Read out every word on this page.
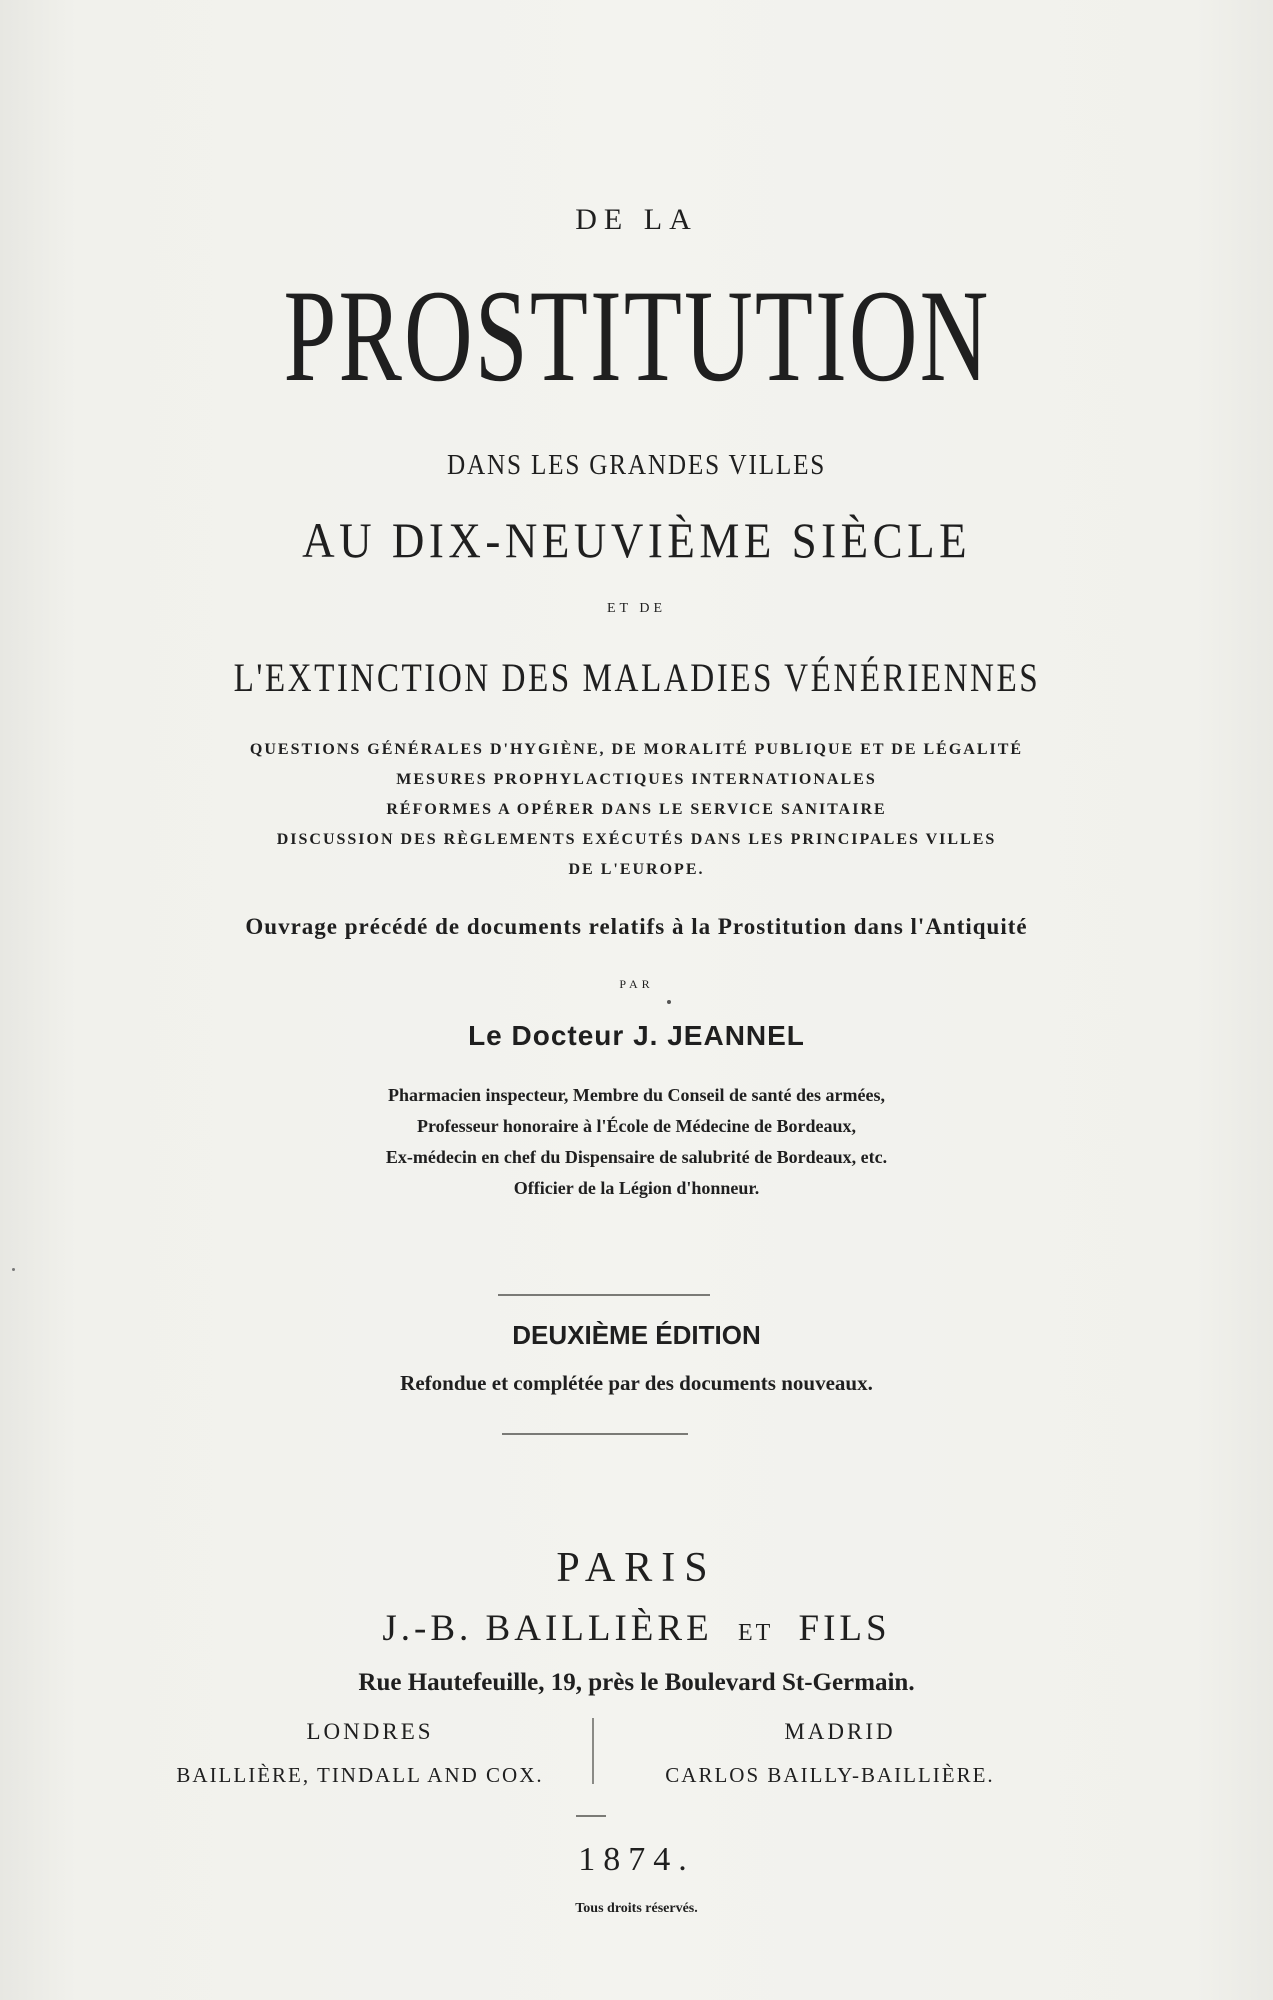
DE LA
PROSTITUTION
DANS LES GRANDES VILLES
AU DIX-NEUVIÈME SIÈCLE
ET DE
L'EXTINCTION DES MALADIES VÉNÉRIENNES
QUESTIONS GÉNÉRALES D'HYGIÈNE, DE MORALITÉ PUBLIQUE ET DE LÉGALITÉ
MESURES PROPHYLACTIQUES INTERNATIONALES
RÉFORMES A OPÉRER DANS LE SERVICE SANITAIRE
DISCUSSION DES RÈGLEMENTS EXÉCUTÉS DANS LES PRINCIPALES VILLES
DE L'EUROPE.
Ouvrage précédé de documents relatifs à la Prostitution dans l'Antiquité
PAR
Le Docteur J. JEANNEL
Pharmacien inspecteur, Membre du Conseil de santé des armées,
Professeur honoraire à l'École de Médecine de Bordeaux,
Ex-médecin en chef du Dispensaire de salubrité de Bordeaux, etc.
Officier de la Légion d'honneur.
DEUXIÈME ÉDITION
Refondue et complétée par des documents nouveaux.
PARIS
J.-B. BAILLIÈRE ET FILS
Rue Hautefeuille, 19, près le Boulevard St-Germain.
LONDRES
BAILLIÈRE, TINDALL AND COX.
MADRID
CARLOS BAILLY-BAILLIÈRE.
1874.
Tous droits réservés.
